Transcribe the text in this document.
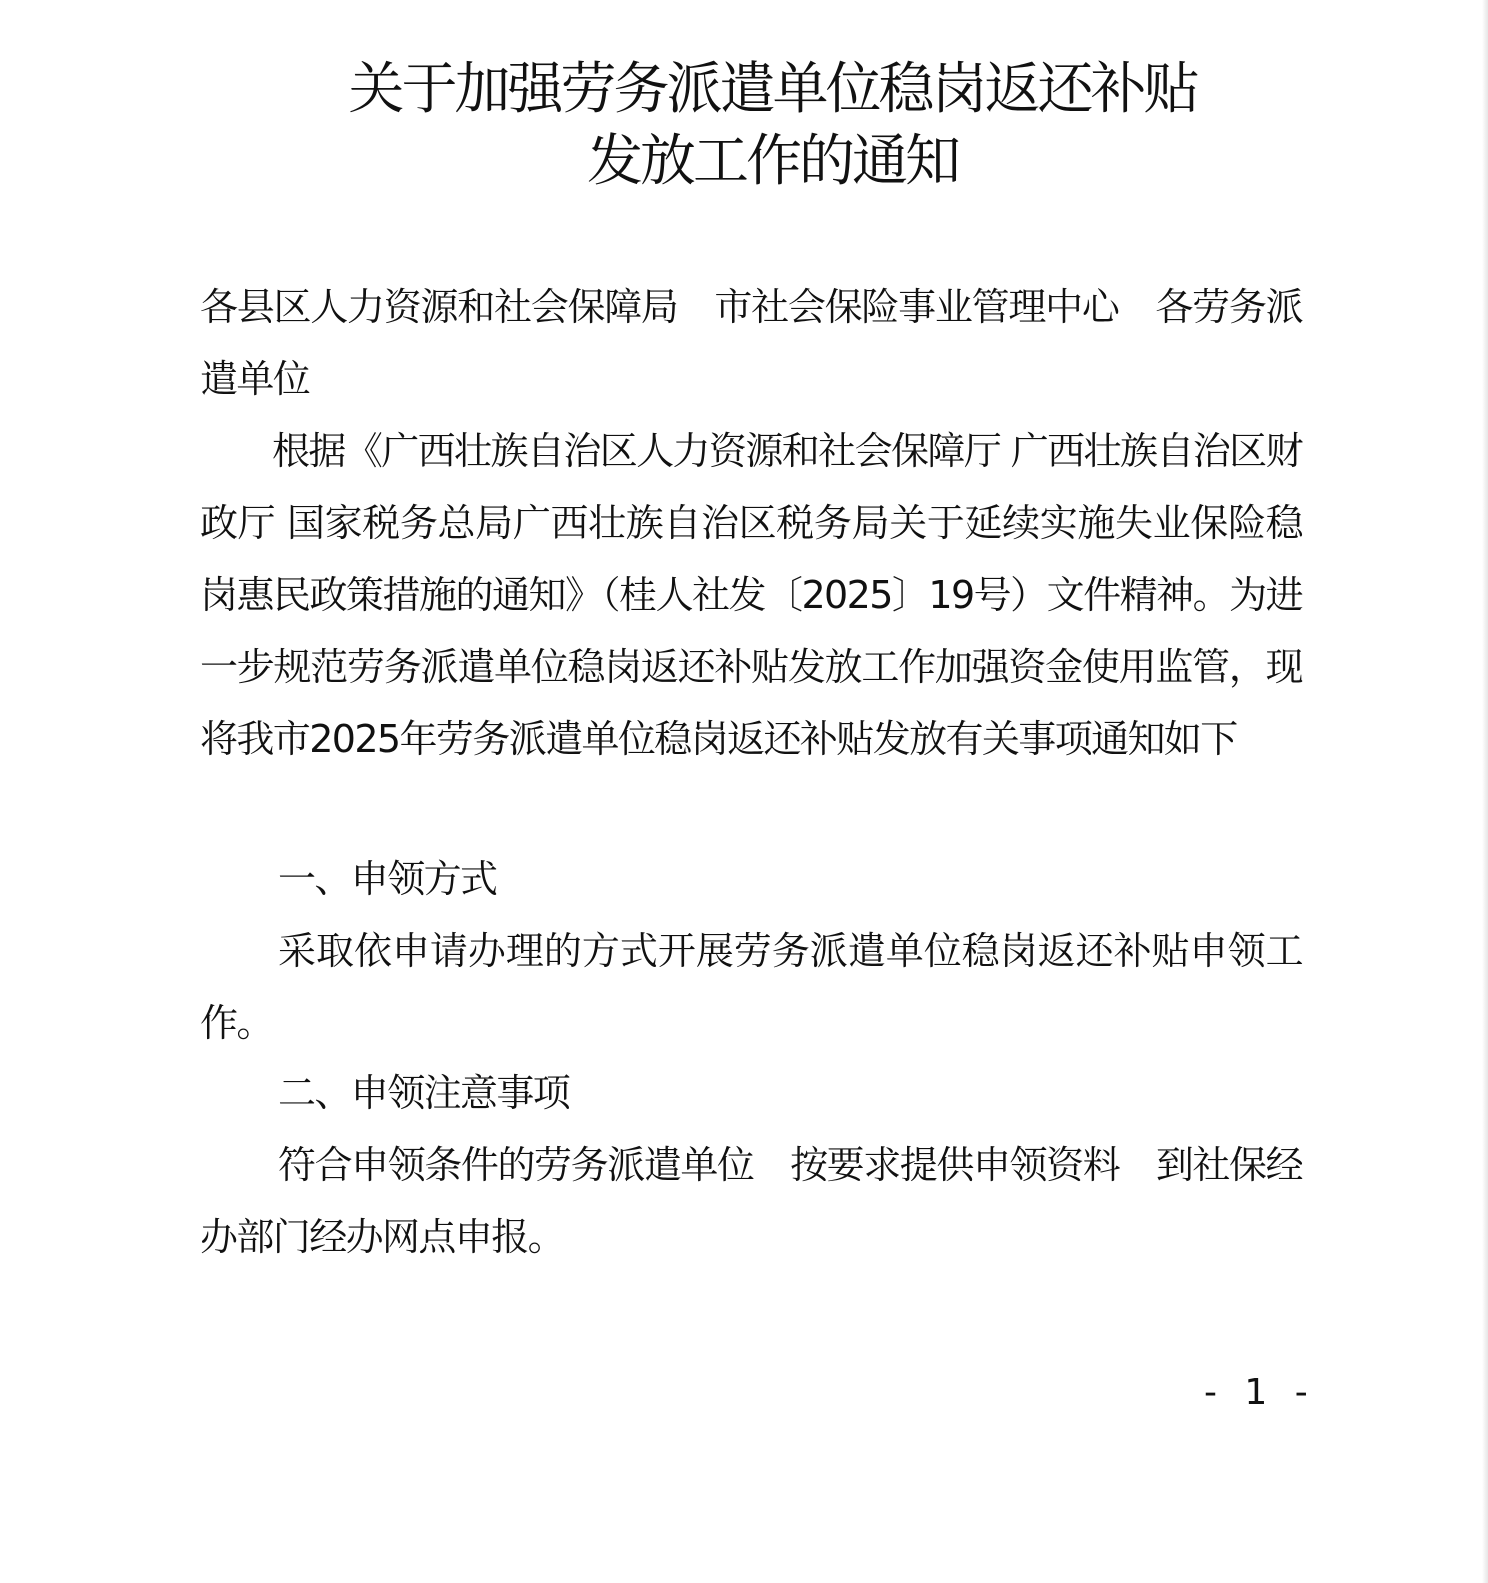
关于加强劳务派遣单位稳岗返还补贴
发放工作的通知

各县区人力资源和社会保障局　市社会保险事业管理中心　各劳务派遣单位

根据《广西壮族自治区人力资源和社会保障厅 广西壮族自治区财政厅 国家税务总局广西壮族自治区税务局关于延续实施失业保险稳岗惠民政策措施的通知》（桂人社发〔2025〕19号）文件精神。为进一步规范劳务派遣单位稳岗返还补贴发放工作加强资金使用监管，现将我市2025年劳务派遣单位稳岗返还补贴发放有关事项通知如下

一、申领方式

采取依申请办理的方式开展劳务派遣单位稳岗返还补贴申领工作。

二、申领注意事项

符合申领条件的劳务派遣单位　按要求提供申领资料　到社保经办部门经办网点申报。

- 1 -
